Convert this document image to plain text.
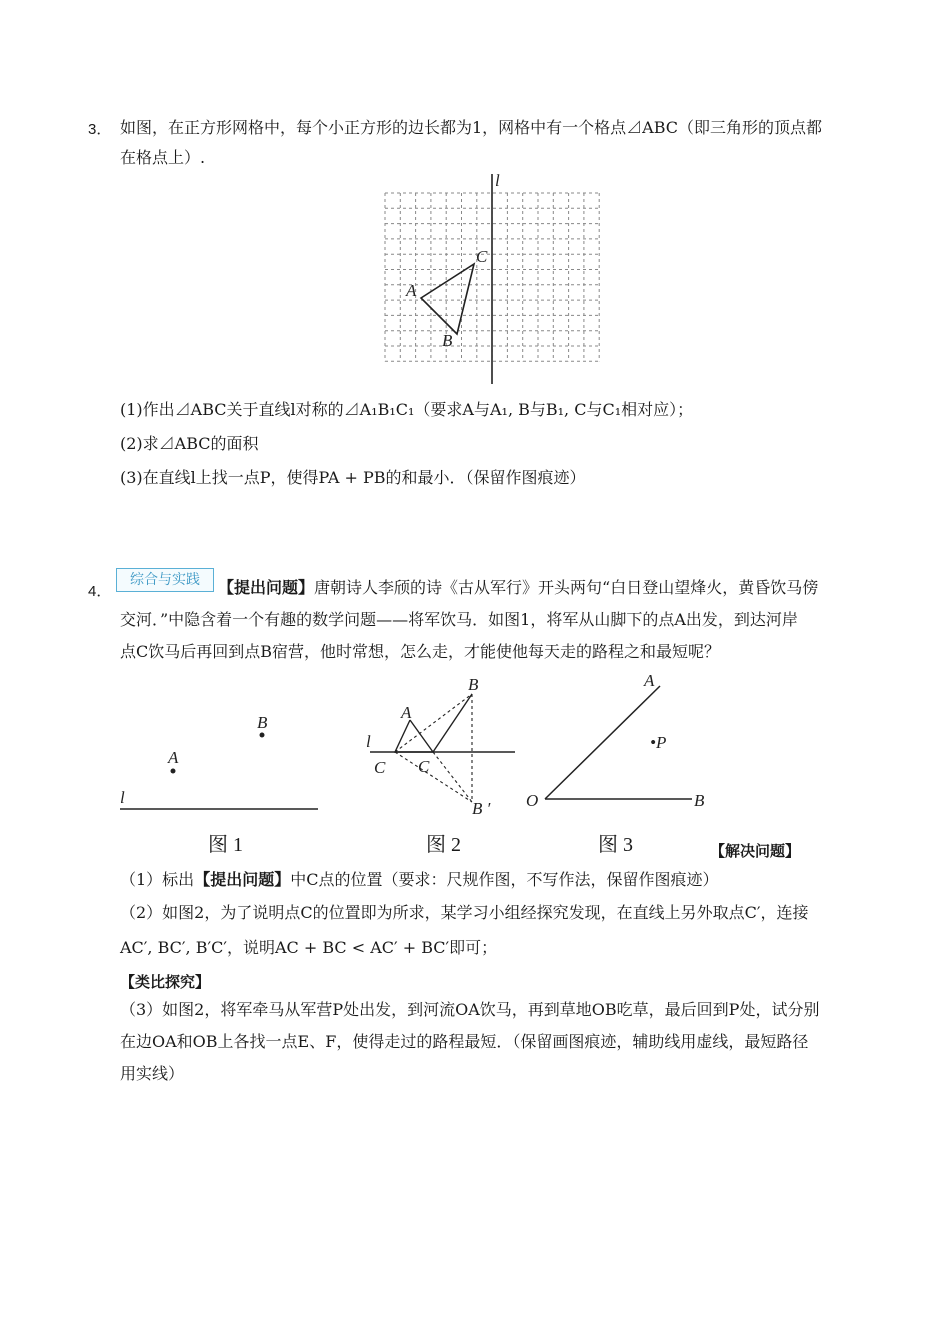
3． 如图，在正方形网格中，每个小正方形的边长都为1，网格中有一个格点⊿ABC（即三角形的顶点都
在格点上）.
l
A
B
C
(1)作出⊿ABC关于直线l对称的⊿A₁B₁C₁（要求A与A₁, B与B₁, C与C₁相对应）；
(2)求⊿ABC的面积
(3)在直线l上找一点P，使得PA + PB的和最小．（保留作图痕迹）
4．
综合与实践	【提出问题】唐朝诗人李颀的诗《古从军行》开头两句“白日登山望烽火，黄昏饮马傍
交河．”中隐含着一个有趣的数学问题——将军饮马．如图1，将军从山脚下的点A出发，到达河岸
点C饮马后再回到点B宿营，他时常想，怎么走，才能使他每天走的路程之和最短呢？
A
B
l
图 1
B
A
l
C C
B ′
图 2
A
•P
O	B
图 3	【解决问题】
（1）标出【提出问题】中C点的位置（要求：尺规作图，不写作法，保留作图痕迹）
（2）如图2，为了说明点C的位置即为所求，某学习小组经探究发现，在直线上另外取点C′，连接
AC′, BC′, B′C′，说明AC + BC < AC′ + BC′即可；
【类比探究】
（3）如图2，将军牵马从军营P处出发，到河流OA饮马，再到草地OB吃草，最后回到P处，试分别
在边OA和OB上各找一点E、F，使得走过的路程最短．（保留画图痕迹，辅助线用虚线，最短路径
用实线）
